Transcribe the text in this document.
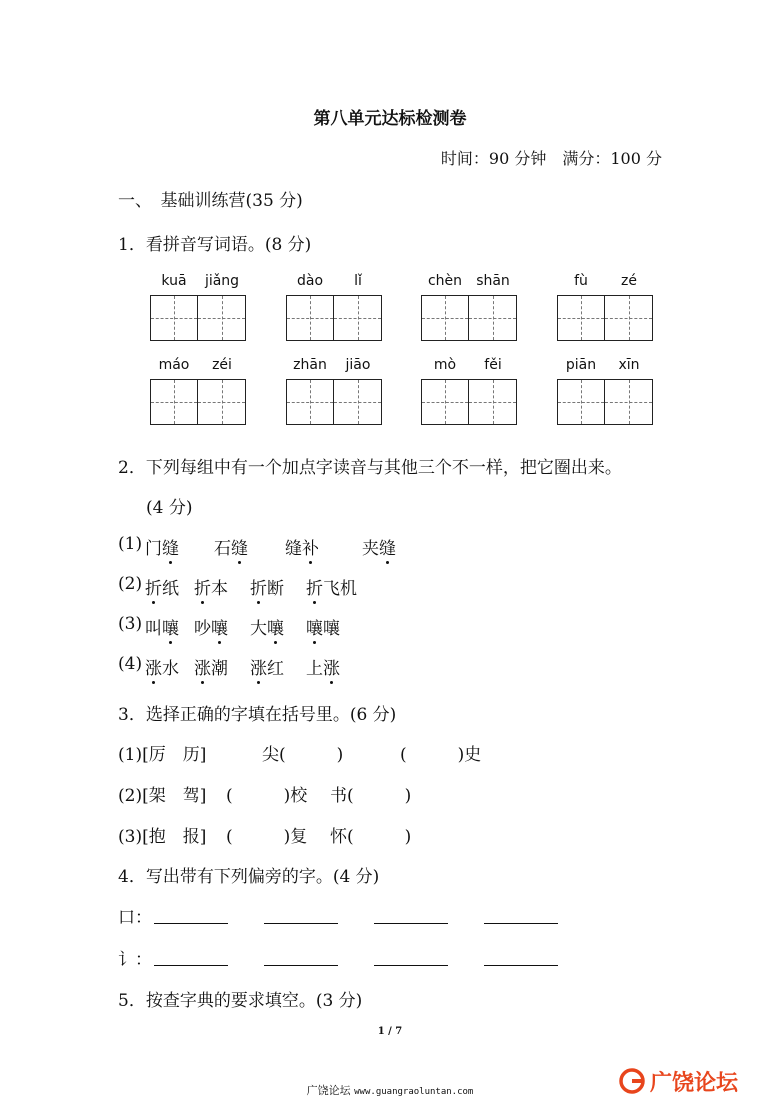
第八单元达标检测卷
时间：90 分钟　满分：100 分
一、　基础训练营(35 分)
1．看拼音写词语。(8 分)
kuā	jiǎng	dào	lǐ	chèn	shān	fù	zé
máo	zéi	zhān	jiāo	mò	fěi	piān	xīn
2．下列每组中有一个加点字读音与其他三个不一样，把它圈出来。
(4 分)
(1) 门缝 石缝 缝补	夹缝
(2) 折纸 折本 折断 折飞机
(3) 叫嚷 吵嚷 大嚷 嚷嚷
(4) 涨水 涨潮 涨红 上涨
3．选择正确的字填在括号里。(6 分)
(1)[厉　历]	尖(　　　)	(　　　)史
(2)[架　驾] (　　　)校 书(　　　)
(3)[抱　报] (　　　)复 怀(　　　)
4．写出带有下列偏旁的字。(4 分)
口：
讠：
5．按查字典的要求填空。(3 分)
1 / 7
广饶论坛 www.guangraoluntan.com	广饶论坛
